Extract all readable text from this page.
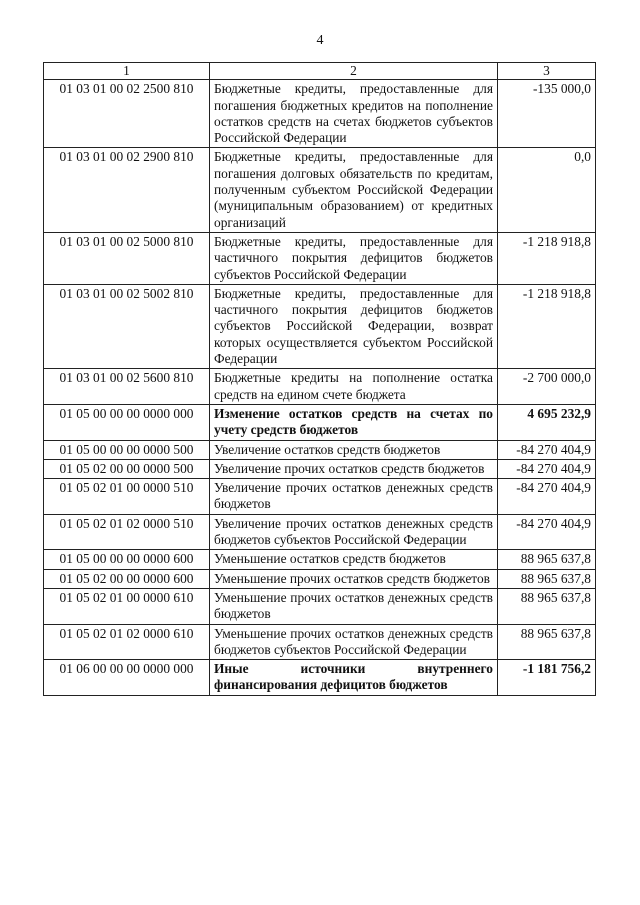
4
1	2	3
01 03 01 00 02 2500 810	Бюджетные кредиты, предоставленные для погашения бюджетных кредитов на пополнение остатков средств на счетах бюджетов субъектов Российской Федерации	-135 000,0
01 03 01 00 02 2900 810	Бюджетные кредиты, предоставленные для погашения долговых обязательств по кредитам, полученным субъектом Российской Федерации (муниципальным образованием) от кредитных организаций	0,0
01 03 01 00 02 5000 810	Бюджетные кредиты, предоставленные для частичного покрытия дефицитов бюджетов субъектов Российской Федерации	-1 218 918,8
01 03 01 00 02 5002 810	Бюджетные кредиты, предоставленные для частичного покрытия дефицитов бюджетов субъектов Российской Федерации, возврат которых осуществляется субъектом Российской Федерации	-1 218 918,8
01 03 01 00 02 5600 810	Бюджетные кредиты на пополнение остатка средств на едином счете бюджета	-2 700 000,0
01 05 00 00 00 0000 000	Изменение остатков средств на счетах по учету средств бюджетов	4 695 232,9
01 05 00 00 00 0000 500	Увеличение остатков средств бюджетов	-84 270 404,9
01 05 02 00 00 0000 500	Увеличение прочих остатков средств бюджетов	-84 270 404,9
01 05 02 01 00 0000 510	Увеличение прочих остатков денежных средств бюджетов	-84 270 404,9
01 05 02 01 02 0000 510	Увеличение прочих остатков денежных средств бюджетов субъектов Российской Федерации	-84 270 404,9
01 05 00 00 00 0000 600	Уменьшение остатков средств бюджетов	88 965 637,8
01 05 02 00 00 0000 600	Уменьшение прочих остатков средств бюджетов	88 965 637,8
01 05 02 01 00 0000 610	Уменьшение прочих остатков денежных средств бюджетов	88 965 637,8
01 05 02 01 02 0000 610	Уменьшение прочих остатков денежных средств бюджетов субъектов Российской Федерации	88 965 637,8
01 06 00 00 00 0000 000	Иные источники внутреннего финансирования дефицитов бюджетов	-1 181 756,2
